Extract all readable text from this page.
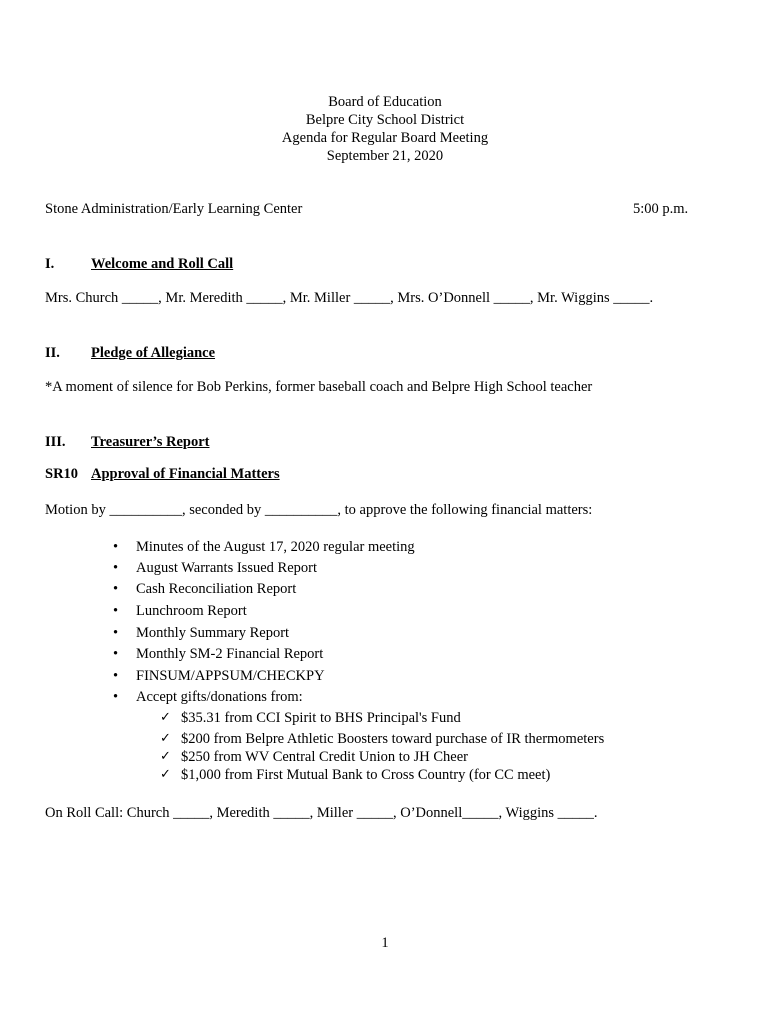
Board of Education
Belpre City School District
Agenda for Regular Board Meeting
September 21, 2020
Stone Administration/Early Learning Center	5:00 p.m.
I.	Welcome and Roll Call
Mrs. Church _____, Mr. Meredith _____, Mr. Miller _____, Mrs. O’Donnell _____, Mr. Wiggins _____.
II. Pledge of Allegiance
*A moment of silence for Bob Perkins, former baseball coach and Belpre High School teacher
III. Treasurer’s Report
SR10 Approval of Financial Matters
Motion by __________, seconded by __________, to approve the following financial matters:
• Minutes of the August 17, 2020 regular meeting
• August Warrants Issued Report
• Cash Reconciliation Report
• Lunchroom Report
• Monthly Summary Report
• Monthly SM-2 Financial Report
• FINSUM/APPSUM/CHECKPY
• Accept gifts/donations from:
✓ $35.31 from CCI Spirit to BHS Principal's Fund
✓ $200 from Belpre Athletic Boosters toward purchase of IR thermometers
✓ $250 from WV Central Credit Union to JH Cheer
✓ $1,000 from First Mutual Bank to Cross Country (for CC meet)
On Roll Call: Church _____, Meredith _____, Miller _____, O’Donnell_____, Wiggins _____.
1
